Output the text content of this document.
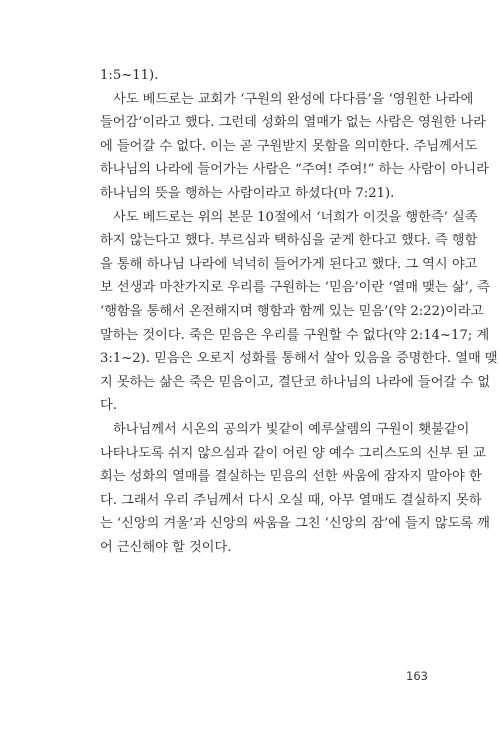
1:5~11).
사도 베드로는 교회가 ‘구원의 완성에 다다름’을 ‘영원한 나라에
들어감’이라고 했다. 그런데 성화의 열매가 없는 사람은 영원한 나라
에 들어갈 수 없다. 이는 곧 구원받지 못함을 의미한다. 주님께서도
하나님의 나라에 들어가는 사람은 “주여! 주여!” 하는 사람이 아니라
하나님의 뜻을 행하는 사람이라고 하셨다(마 7:21).
사도 베드로는 위의 본문 10절에서 ‘너희가 이것을 행한즉’ 실족
하지 않는다고 했다. 부르심과 택하심을 굳게 한다고 했다. 즉 행함
을 통해 하나님 나라에 넉넉히 들어가게 된다고 했다. 그 역시 야고
보 선생과 마찬가지로 우리를 구원하는 ‘믿음’이란 ‘열매 맺는 삶’, 즉
‘행함을 통해서 온전해지며 행함과 함께 있는 믿음’(약 2:22)이라고
말하는 것이다. 죽은 믿음은 우리를 구원할 수 없다(약 2:14~17; 계
3:1~2). 믿음은 오로지 성화를 통해서 살아 있음을 증명한다. 열매 맺
지 못하는 삶은 죽은 믿음이고, 결단코 하나님의 나라에 들어갈 수 없
다.
하나님께서 시온의 공의가 빛같이 예루살렘의 구원이 횃불같이
나타나도록 쉬지 않으심과 같이 어린 양 예수 그리스도의 신부 된 교
회는 성화의 열매를 결실하는 믿음의 선한 싸움에 잠자지 말아야 한
다. 그래서 우리 주님께서 다시 오실 때, 아무 열매도 결실하지 못하
는 ‘신앙의 겨울’과 신앙의 싸움을 그친 ‘신앙의 잠’에 들지 않도록 깨
어 근신해야 할 것이다.
163
